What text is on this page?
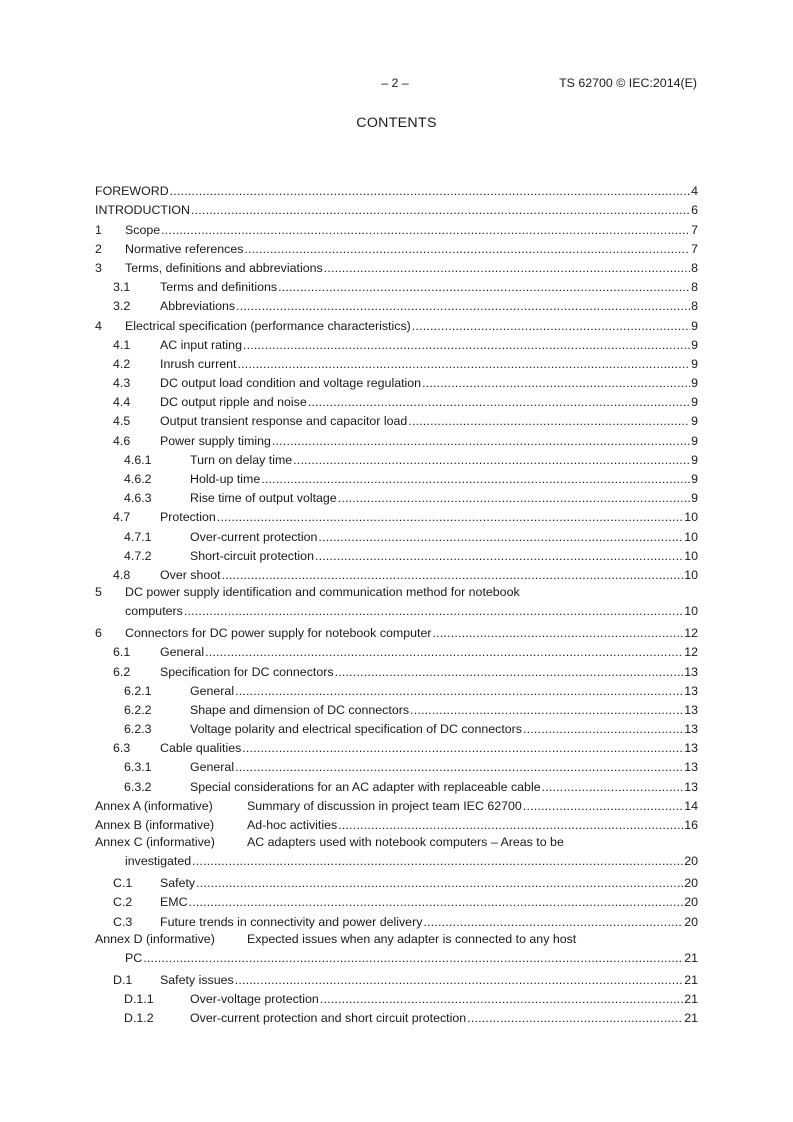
– 2 –	TS 62700 © IEC:2014(E)
CONTENTS
FOREWORD .....	4
INTRODUCTION .....	6
1	Scope .....	7
2	Normative references .....	7
3	Terms, definitions and abbreviations .....	8
3.1	Terms and definitions .....	8
3.2	Abbreviations .....	8
4	Electrical specification (performance characteristics) .....	9
4.1	AC input rating .....	9
4.2	Inrush current .....	9
4.3	DC output load condition and voltage regulation .....	9
4.4	DC output ripple and noise .....	9
4.5	Output transient response and capacitor load .....	9
4.6	Power supply timing .....	9
4.6.1	Turn on delay time .....	9
4.6.2	Hold-up time .....	9
4.6.3	Rise time of output voltage .....	9
4.7	Protection .....	10
4.7.1	Over-current protection .....	10
4.7.2	Short-circuit protection .....	10
4.8	Over shoot .....	10
5 DC power supply identification and communication method for notebook
computers .....	10
6	Connectors for DC power supply for notebook computer .....	12
6.1	General .....	12
6.2	Specification for DC connectors .....	13
6.2.1	General .....	13
6.2.2	Shape and dimension of DC connectors .....	13
6.2.3	Voltage polarity and electrical specification of DC connectors .....	13
6.3	Cable qualities .....	13
6.3.1	General .....	13
6.3.2	Special considerations for an AC adapter with replaceable cable .....	13
Annex A (informative)	Summary of discussion in project team IEC 62700 .....	14
Annex B (informative)	Ad-hoc activities .....	16
Annex C (informative)	AC adapters used with notebook computers – Areas to be
investigated .....	20
C.1	Safety .....	20
C.2	EMC .....	20
C.3	Future trends in connectivity and power delivery .....	20
Annex D (informative)	Expected issues when any adapter is connected to any host
PC .....	21
D.1	Safety issues .....	21
D.1.1	Over-voltage protection .....	21
D.1.2	Over-current protection and short circuit protection .....	21
